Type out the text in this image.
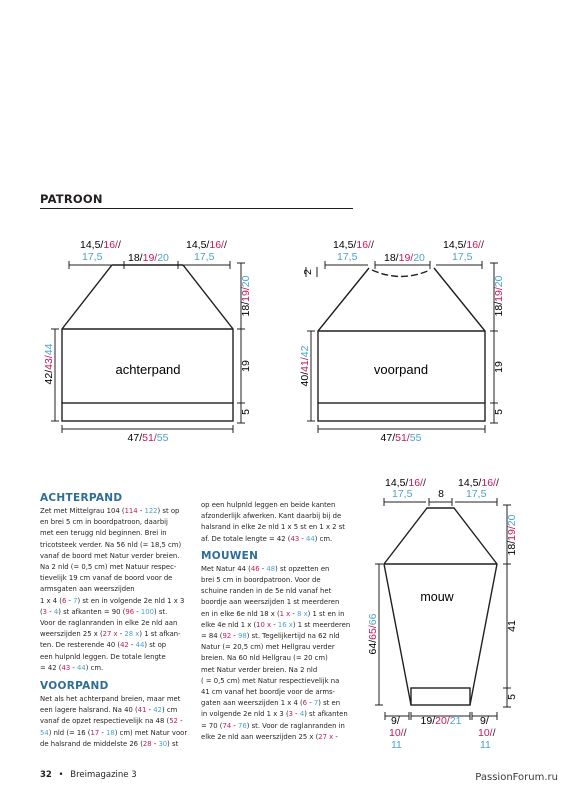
PATROON
achterpand
14,5/16// 17,5	18/19/20
14,5/16// 17,5
18/19/20
19
5
42/43/44
47/51/55
voorpand
14,5/16// 17,5	18/19/20
14,5/16// 17,5
2
18/19/20
19
5
40/41/42
47/51/55
mouw
14,5/16// 17,5	8
14,5/16// 17,5
18/19/20
41
5
64/65/66
9/ 10// 11
19/20/21 9/ 10// 11
ACHTERPAND

Zet met Mittelgrau 104 (114 - 122) st op

en brei 5 cm in boordpatroon, daarbij

met een terugg nld beginnen. Brei in

tricotsteek verder. Na 56 nld (= 18,5 cm)

vanaf de boord met Natur verder breien.

Na 2 nld (= 0,5 cm) met Natuur respec-

tievelijk 19 cm vanaf de boord voor de

armsgaten aan weerszijden

1 x 4 (6 - 7) st en in volgende 2e nld 1 x 3

(3 - 4) st afkanten = 90 (96 - 100) st.

Voor de raglanranden in elke 2e nld aan

weerszijden 25 x (27 x - 28 x) 1 st afkan-

ten. De resterende 40 (42 - 44) st op

een hulpnld leggen. De totale lengte

= 42 (43 - 44) cm.

VOORPAND

Net als het achterpand breien, maar met

een lagere halsrand. Na 40 (41 - 42) cm

vanaf de opzet respectievelijk na 48 (52 -

54) nld (= 16 (17 - 18) cm) met Natur voor

de halsrand de middelste 26 (28 - 30) st

op een hulpnld leggen en beide kanten

afzonderlijk afwerken. Kant daarbij bij de

halsrand in elke 2e nld 1 x 5 st en 1 x 2 st

af. De totale lengte = 42 (43 - 44) cm.

MOUWEN

Met Natur 44 (46 - 48) st opzetten en

brei 5 cm in boordpatroon. Voor de

schuine randen in de 5e nld vanaf het

boordje aan weerszijden 1 st meerderen

en in elke 6e nld 18 x (1 x - 8 x) 1 st en in

elke 4e nld 1 x (10 x - 16 x) 1 st meerderen

= 84 (92 - 98) st. Tegelijkertijd na 62 nld

Natur (= 20,5 cm) met Hellgrau verder

breien. Na 60 nld Hellgrau (= 20 cm)

met Natur verder breien. Na 2 nld

( = 0,5 cm) met Natur respectievelijk na

41 cm vanaf het boordje voor de arms-

gaten aan weerszijden 1 x 4 (6 - 7) st en

in volgende 2e nld 1 x 3 (3 - 4) st afkanten

= 70 (74 - 76) st. Voor de raglanranden in

elke 2e nld aan weerszijden 25 x (27 x -

32 • Breimagazine 3	PassionForum.ru
